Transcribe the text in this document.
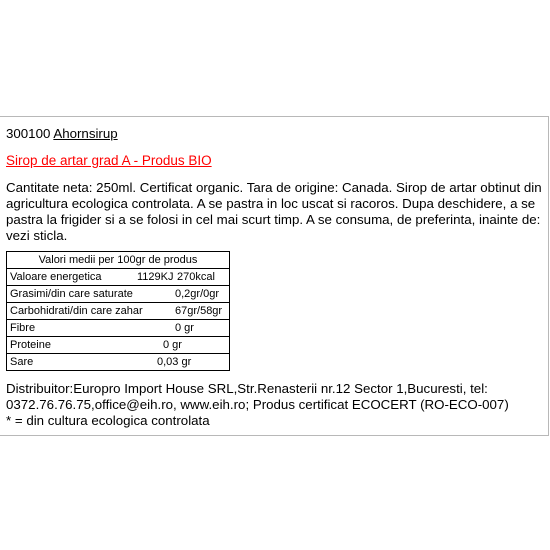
300100 Ahornsirup
Sirop de artar grad A - Produs BIO
Cantitate neta: 250ml. Certificat organic. Tara de origine: Canada. Sirop de artar obtinut din
agricultura ecologica controlata. A se pastra in loc uscat si racoros. Dupa deschidere, a se
pastra la frigider si a se folosi in cel mai scurt timp. A se consuma, de preferinta, inainte de:
vezi sticla.
Valori medii per 100gr de produs
Valoare energetica	1129KJ 270kcal
Grasimi/din care saturate	0,2gr/0gr
Carbohidrati/din care zahar	67gr/58gr
Fibre	0 gr
Proteine	0 gr
Sare	0,03 gr
Distribuitor:Europro Import House SRL,Str.Renasterii nr.12 Sector 1,Bucuresti, tel:
0372.76.76.75,office@eih.ro, www.eih.ro; Produs certificat ECOCERT (RO-ECO-007)
* = din cultura ecologica controlata
